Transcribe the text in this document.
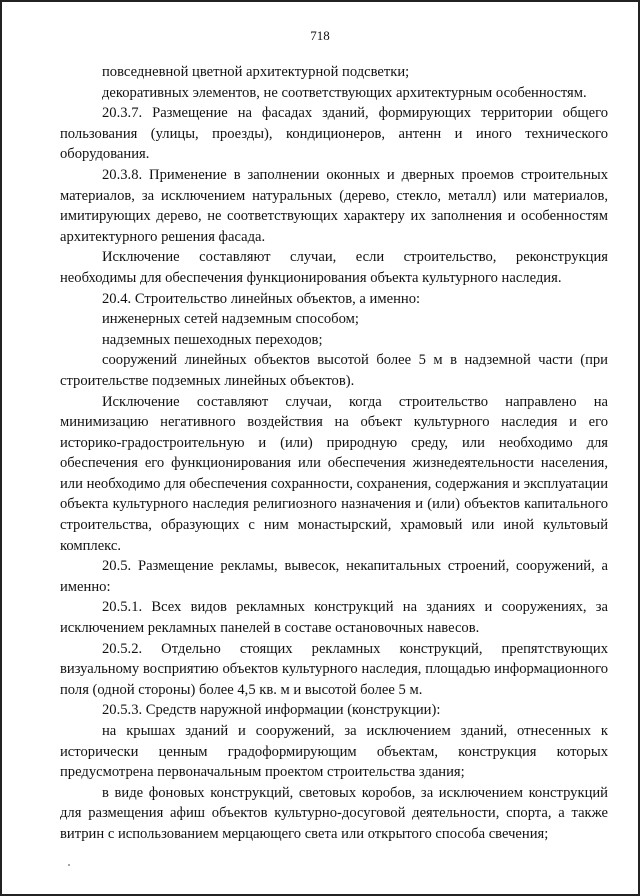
718

повседневной цветной архитектурной подсветки;

декоративных элементов, не соответствующих архитектурным особенностям.

20.3.7. Размещение на фасадах зданий, формирующих территории общего пользования (улицы, проезды), кондиционеров, антенн и иного технического оборудования.

20.3.8. Применение в заполнении оконных и дверных проемов строительных материалов, за исключением натуральных (дерево, стекло, металл) или материалов, имитирующих дерево, не соответствующих характеру их заполнения и особенностям архитектурного решения фасада.

Исключение составляют случаи, если строительство, реконструкция необходимы для обеспечения функционирования объекта культурного наследия.

20.4. Строительство линейных объектов, а именно:

инженерных сетей надземным способом;

надземных пешеходных переходов;

сооружений линейных объектов высотой более 5 м в надземной части (при строительстве подземных линейных объектов).

Исключение составляют случаи, когда строительство направлено на минимизацию негативного воздействия на объект культурного наследия и его историко-градостроительную и (или) природную среду, или необходимо для обеспечения его функционирования или обеспечения жизнедеятельности населения, или необходимо для обеспечения сохранности, сохранения, содержания и эксплуатации объекта культурного наследия религиозного назначения и (или) объектов капитального строительства, образующих с ним монастырский, храмовый или иной культовый комплекс.

20.5. Размещение рекламы, вывесок, некапитальных строений, сооружений, а именно:

20.5.1. Всех видов рекламных конструкций на зданиях и сооружениях, за исключением рекламных панелей в составе остановочных навесов.

20.5.2. Отдельно стоящих рекламных конструкций, препятствующих визуальному восприятию объектов культурного наследия, площадью информационного поля (одной стороны) более 4,5 кв. м и высотой более 5 м.

20.5.3. Средств наружной информации (конструкции):

на крышах зданий и сооружений, за исключением зданий, отнесенных к исторически ценным градоформирующим объектам, конструкция которых предусмотрена первоначальным проектом строительства здания;

в виде фоновых конструкций, световых коробов, за исключением конструкций для размещения афиш объектов культурно-досуговой деятельности, спорта, а также витрин с использованием мерцающего света или открытого способа свечения;
